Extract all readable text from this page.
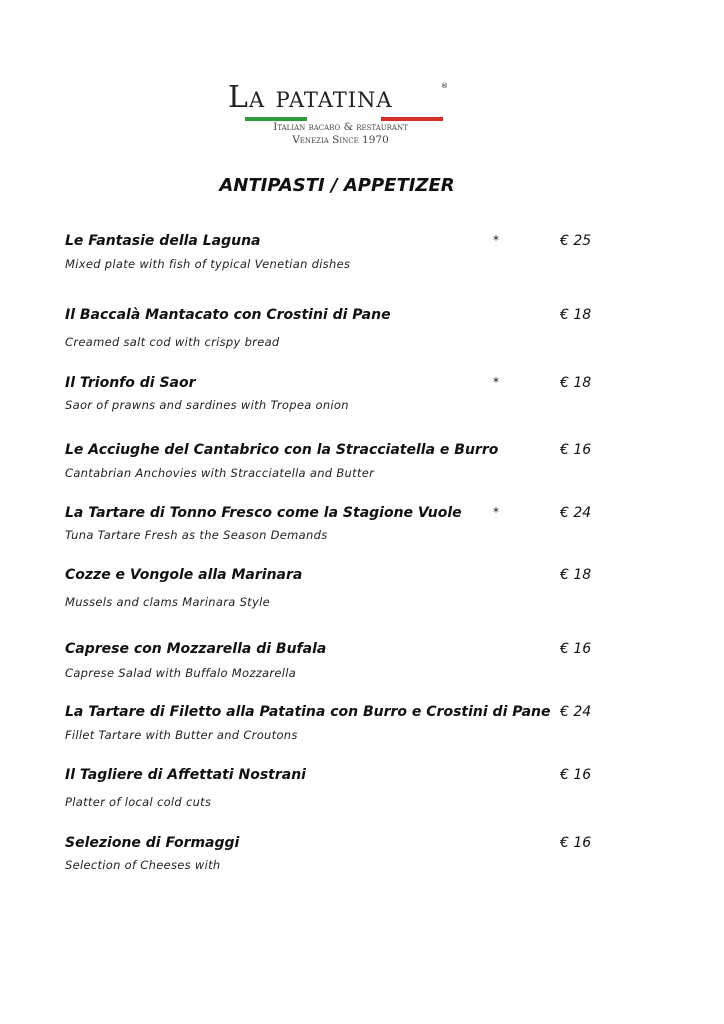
La patatina	®
Italian bacaro & restaurant
Venezia Since 1970
ANTIPASTI / APPETIZER
Le Fantasie della Laguna
Mixed plate with fish of typical Venetian dishes
*	€ 25
Il Baccalà Mantacato con Crostini di Pane
Creamed salt cod with crispy bread
€ 18
Il Trionfo di Saor
Saor of prawns and sardines with Tropea onion
*	€ 18
Le Acciughe del Cantabrico con la Stracciatella e Burro
Cantabrian Anchovies with Stracciatella and Butter
€ 16
La Tartare di Tonno Fresco come la Stagione Vuole
Tuna Tartare Fresh as the Season Demands
*	€ 24
Cozze e Vongole alla Marinara
Mussels and clams Marinara Style
€ 18
Caprese con Mozzarella di Bufala
Caprese Salad with Buffalo Mozzarella
€ 16
La Tartare di Filetto alla Patatina con Burro e Crostini di Pane
Fillet Tartare with Butter and Croutons
€ 24
Il Tagliere di Affettati Nostrani
Platter of local cold cuts
€ 16
Selezione di Formaggi
Selection of Cheeses with
€ 16
